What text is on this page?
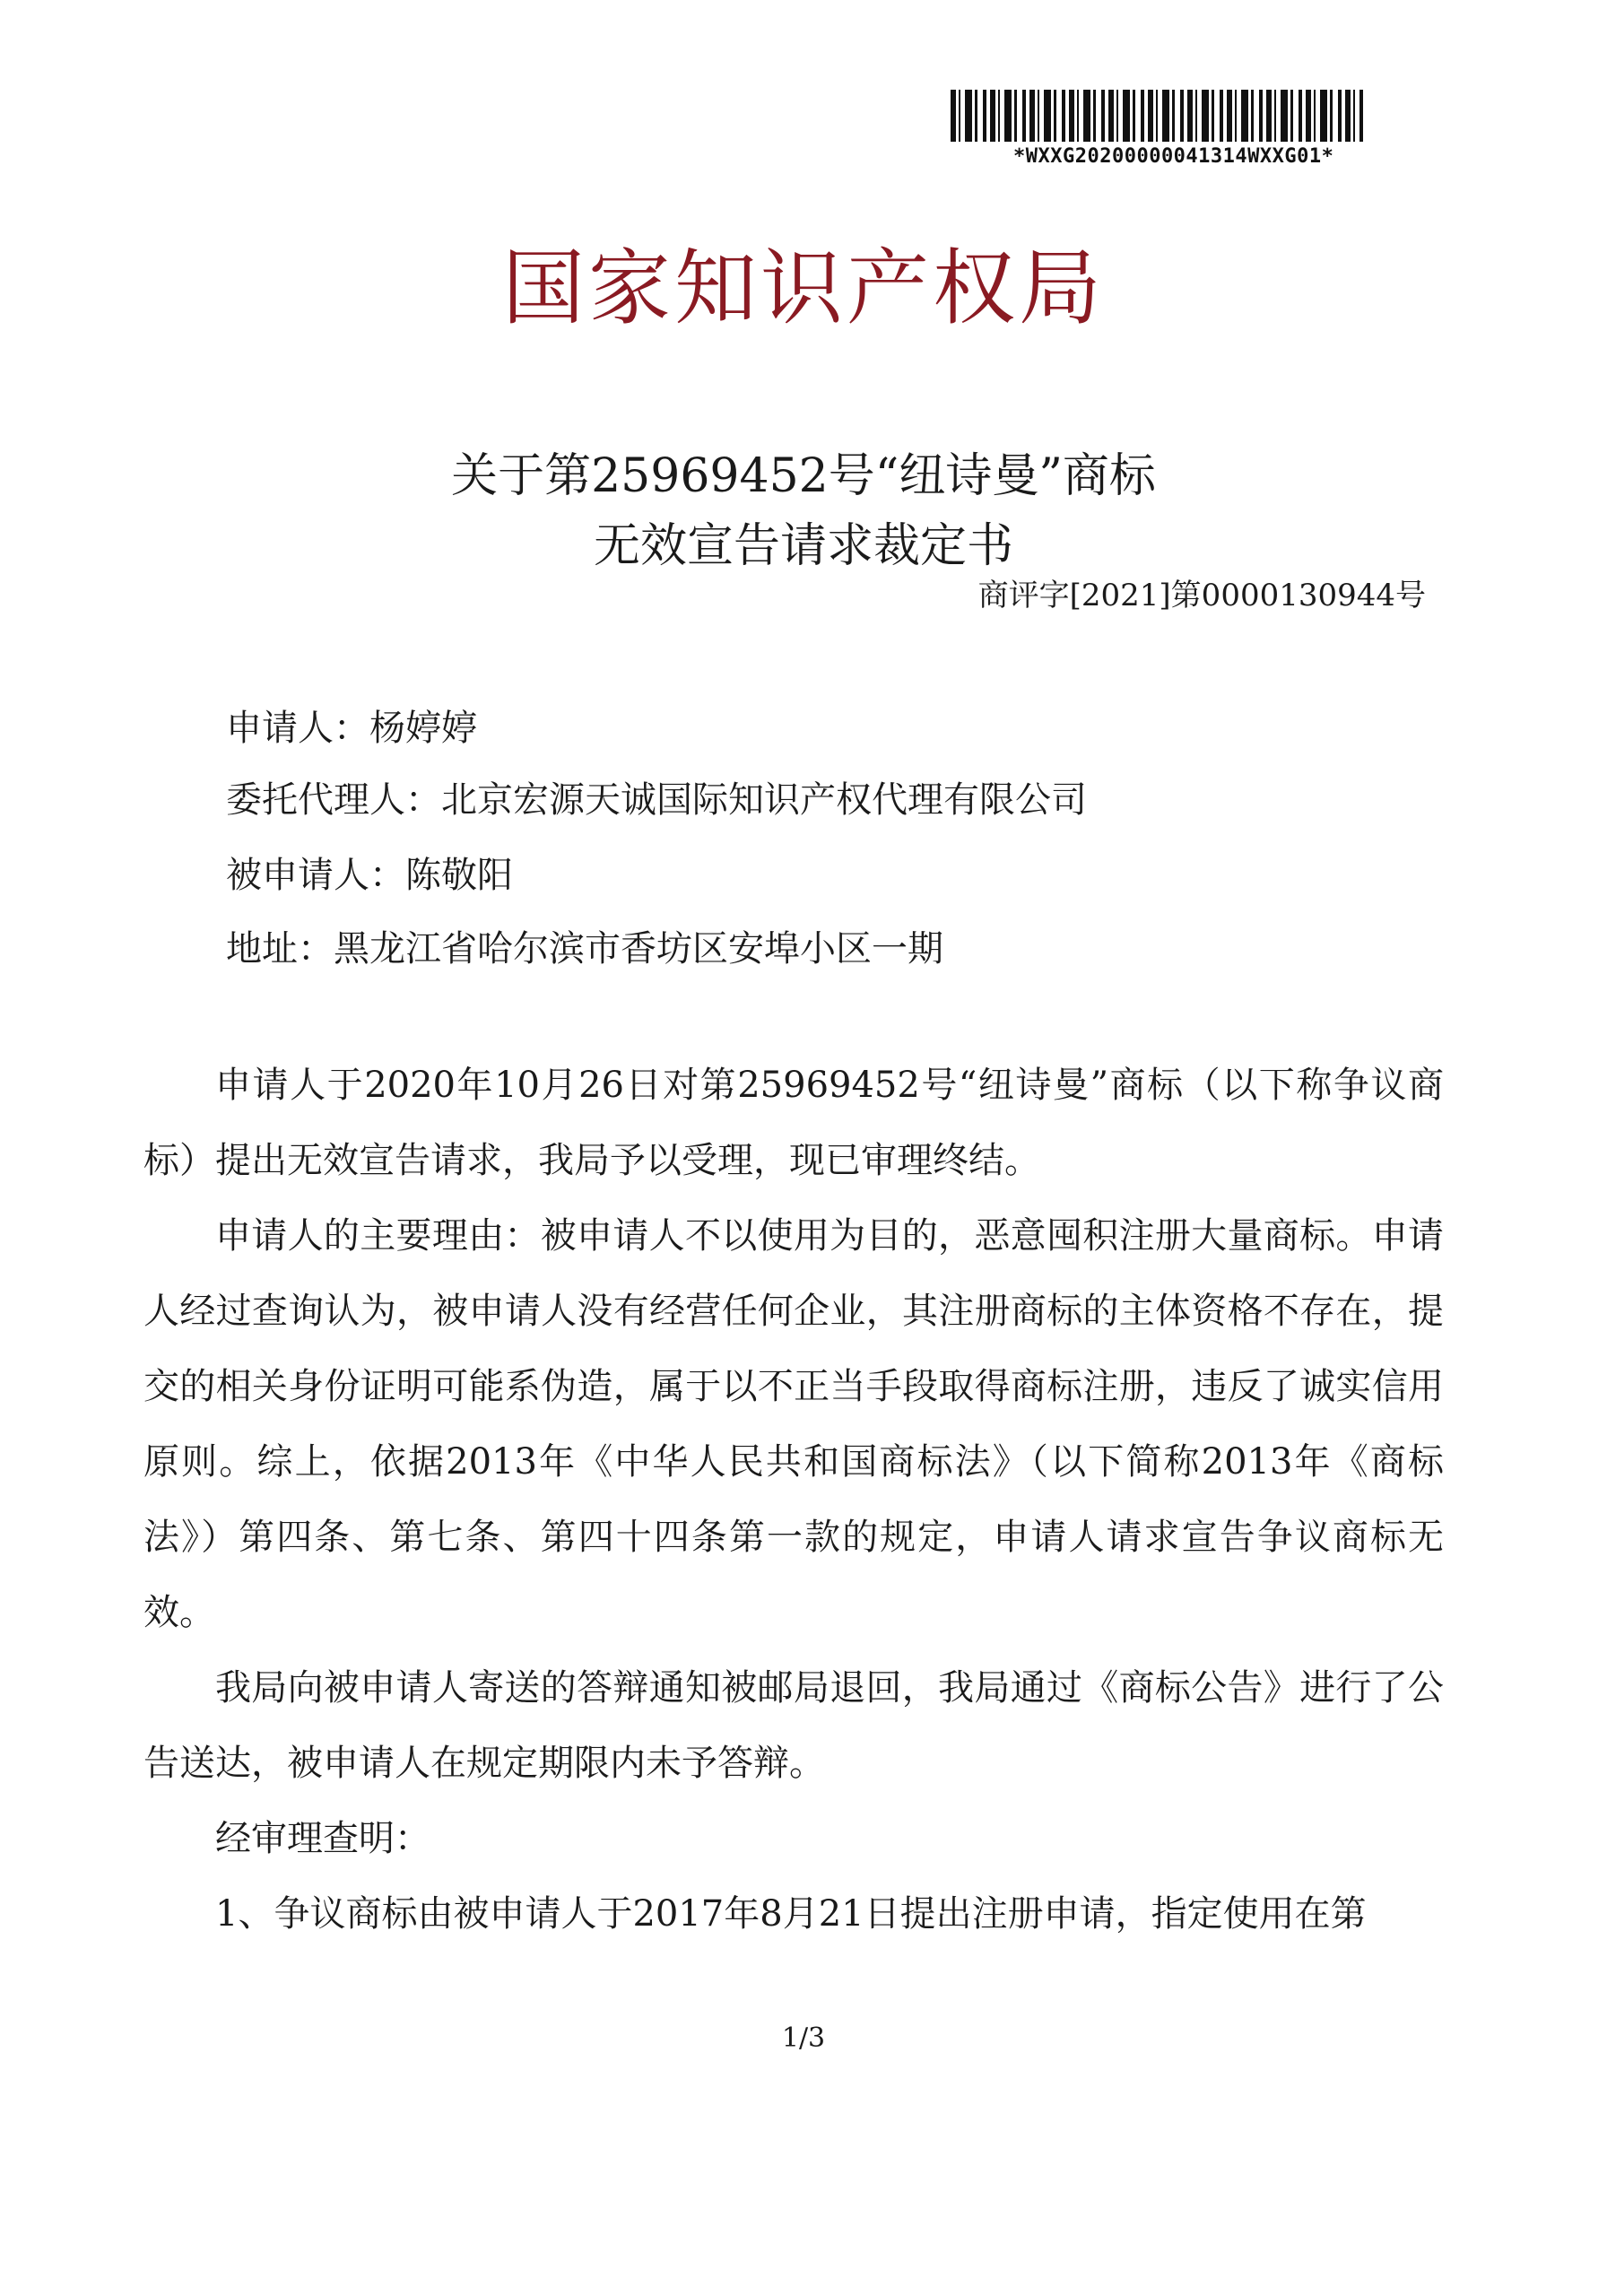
*WXXG20200000041314WXXG01*
国家知识产权局
关于第25969452号“纽诗曼”商标
无效宣告请求裁定书
商评字[2021]第0000130944号
申请人：杨婷婷
委托代理人：北京宏源天诚国际知识产权代理有限公司
被申请人：陈敬阳
地址：黑龙江省哈尔滨市香坊区安埠小区一期

申请人于2020年10月26日对第25969452号“纽诗曼”商标（以下称争议商标）提出无效宣告请求，我局予以受理，现已审理终结。

申请人的主要理由：被申请人不以使用为目的，恶意囤积注册大量商标。申请人经过查询认为，被申请人没有经营任何企业，其注册商标的主体资格不存在，提交的相关身份证明可能系伪造，属于以不正当手段取得商标注册，违反了诚实信用原则。综上，依据2013年《中华人民共和国商标法》（以下简称2013年《商标法》）第四条、第七条、第四十四条第一款的规定，申请人请求宣告争议商标无效。

我局向被申请人寄送的答辩通知被邮局退回，我局通过《商标公告》进行了公告送达，被申请人在规定期限内未予答辩。

经审理查明：

1、争议商标由被申请人于2017年8月21日提出注册申请，指定使用在第

1/3
